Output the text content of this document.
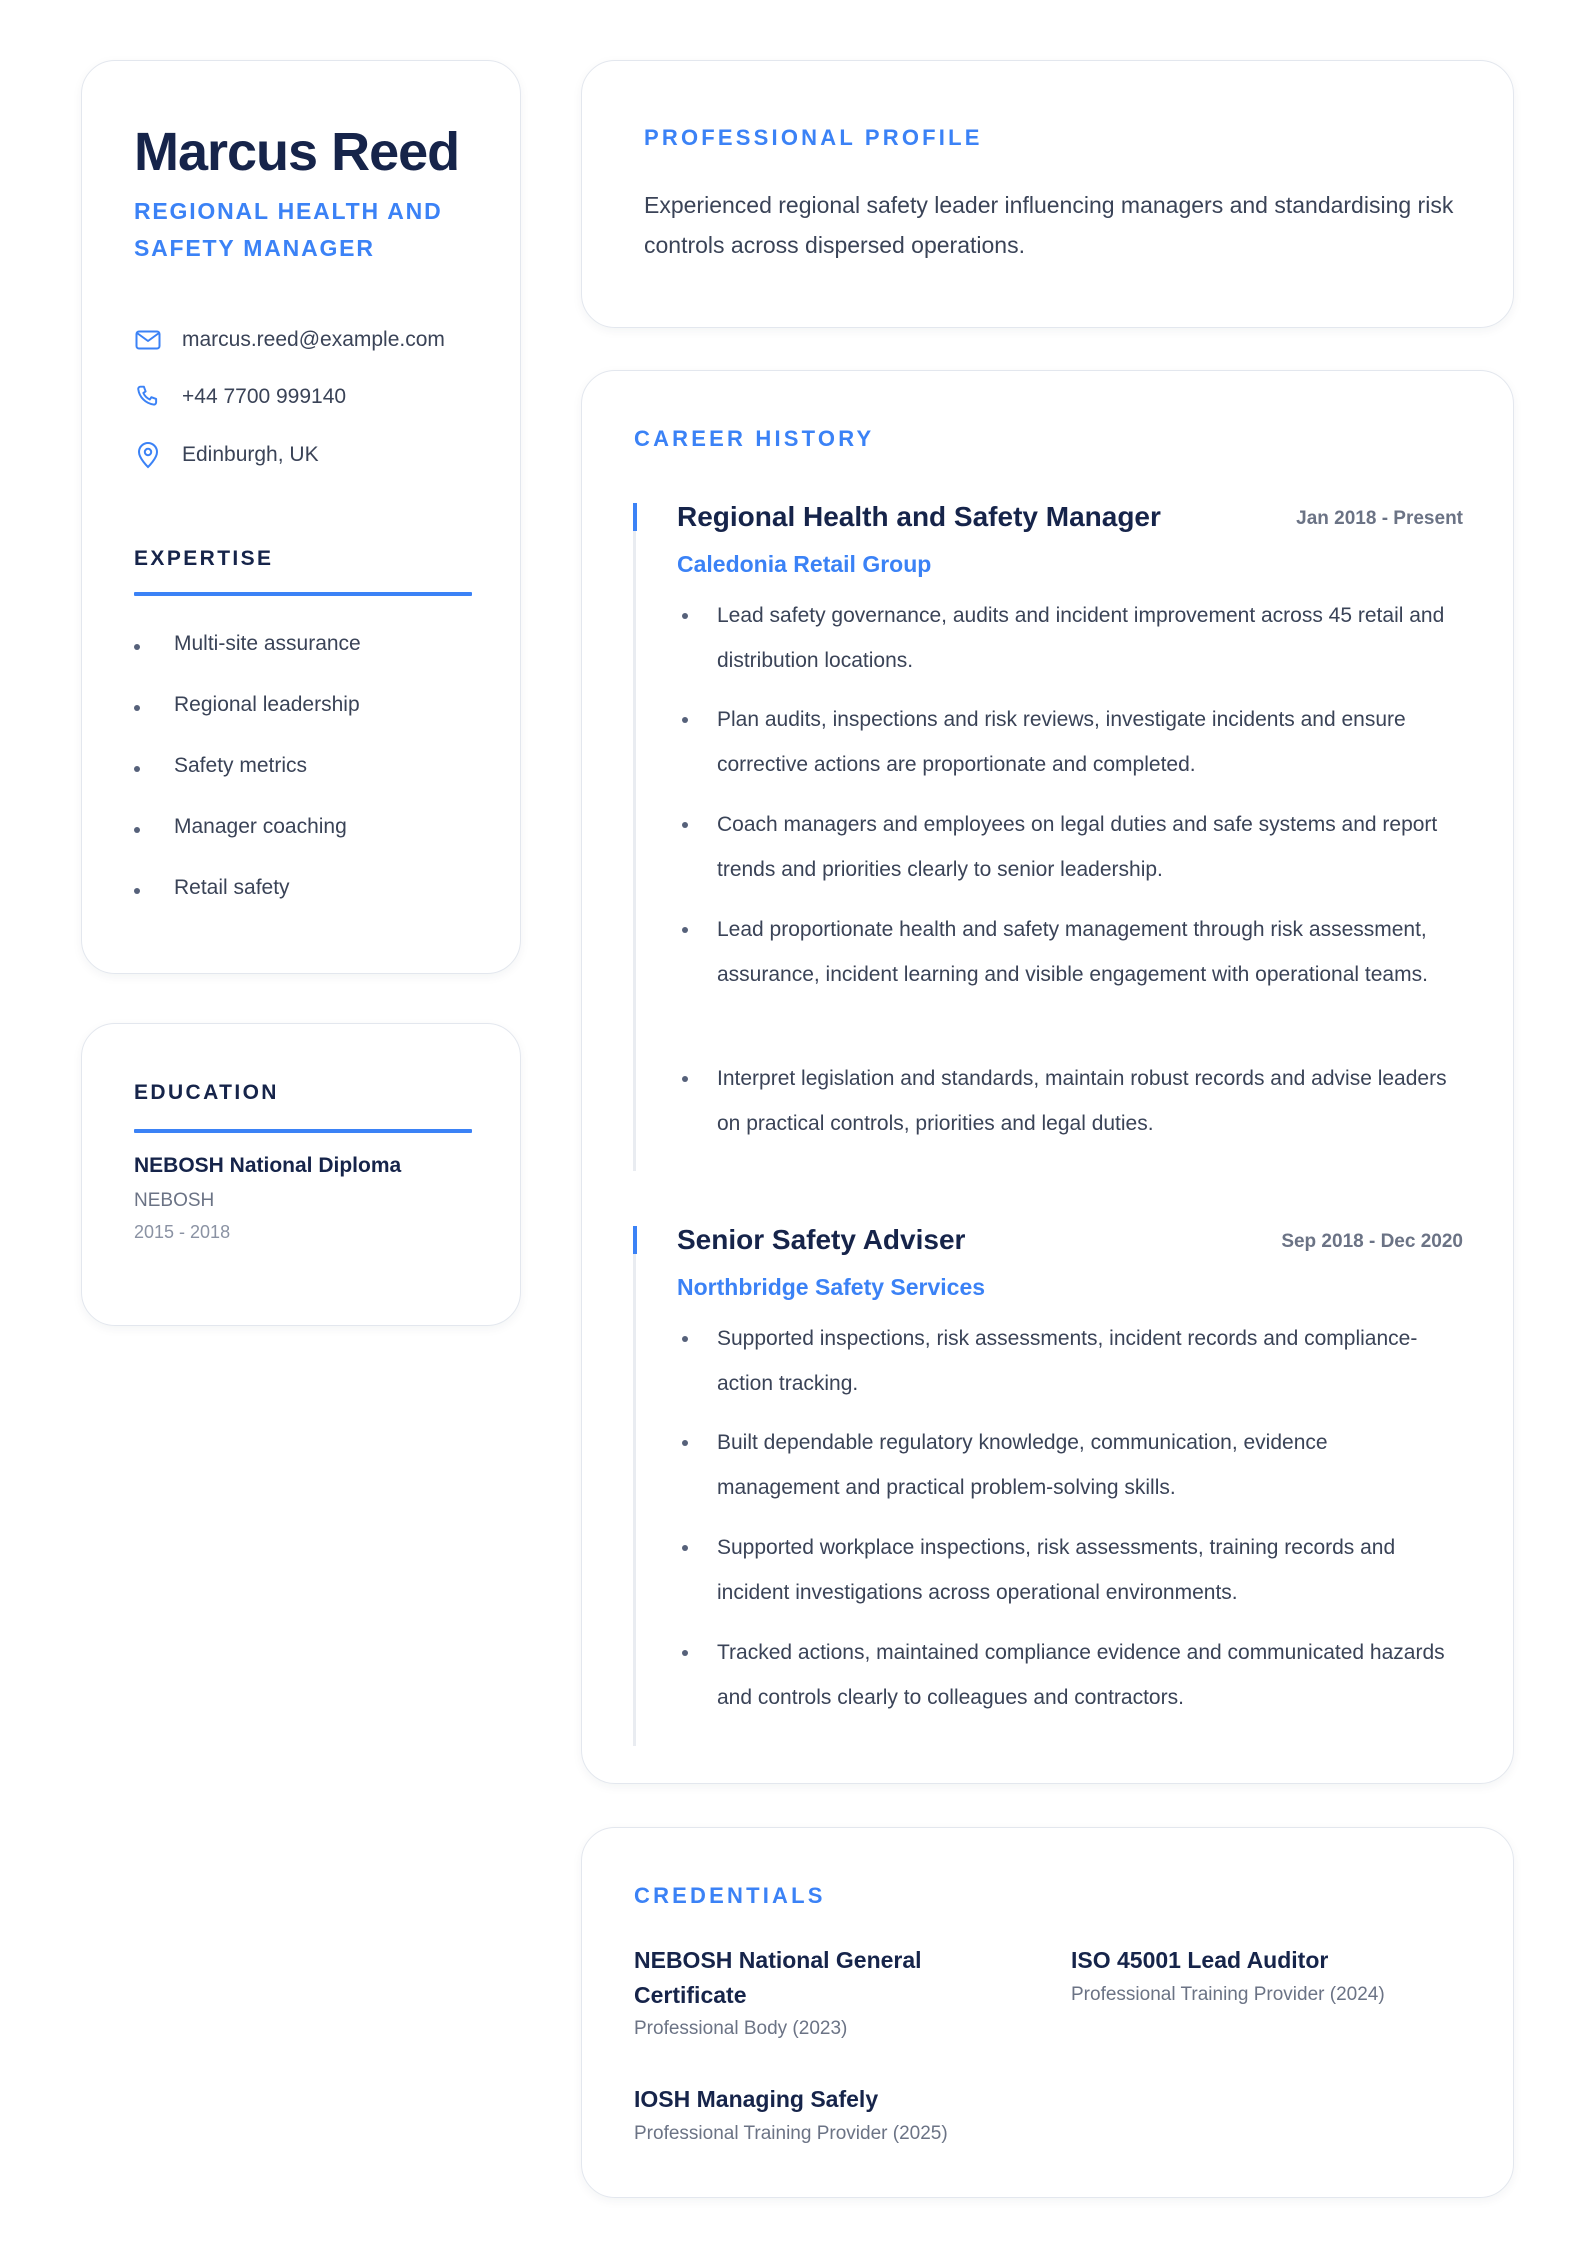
Marcus Reed
REGIONAL HEALTH AND SAFETY MANAGER
marcus.reed@example.com
+44 7700 999140
Edinburgh, UK
EXPERTISE
Multi-site assurance
Regional leadership
Safety metrics
Manager coaching
Retail safety
EDUCATION
NEBOSH National Diploma
NEBOSH
2015 - 2018
PROFESSIONAL PROFILE
Experienced regional safety leader influencing managers and standardising risk controls across dispersed operations.
CAREER HISTORY
Regional Health and Safety Manager	Jan 2018 - Present
Caledonia Retail Group
Lead safety governance, audits and incident improvement across 45 retail and distribution locations.
Plan audits, inspections and risk reviews, investigate incidents and ensure corrective actions are proportionate and completed.
Coach managers and employees on legal duties and safe systems and report trends and priorities clearly to senior leadership.
Lead proportionate health and safety management through risk assessment, assurance, incident learning and visible engagement with operational teams.
Interpret legislation and standards, maintain robust records and advise leaders on practical controls, priorities and legal duties.
Senior Safety Adviser	Sep 2018 - Dec 2020
Northbridge Safety Services
Supported inspections, risk assessments, incident records and compliance-action tracking.
Built dependable regulatory knowledge, communication, evidence management and practical problem-solving skills.
Supported workplace inspections, risk assessments, training records and incident investigations across operational environments.
Tracked actions, maintained compliance evidence and communicated hazards and controls clearly to colleagues and contractors.
CREDENTIALS
NEBOSH National General Certificate
Professional Body (2023)
ISO 45001 Lead Auditor
Professional Training Provider (2024)
IOSH Managing Safely
Professional Training Provider (2025)
